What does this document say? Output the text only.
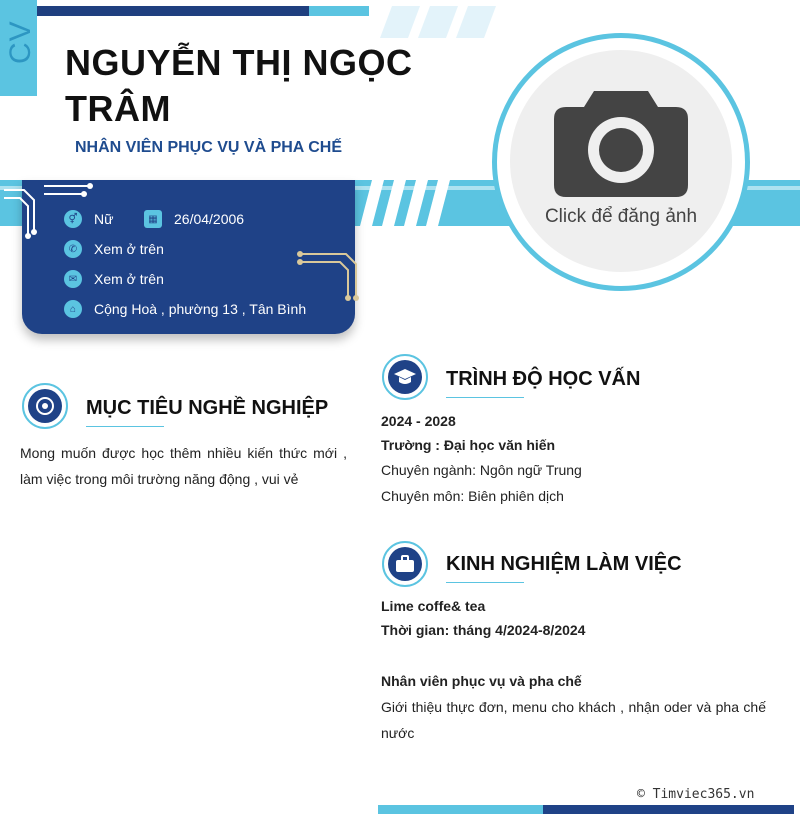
CV NGUYỄN THỊ NGỌC TRÂM
NHÂN VIÊN PHỤC VỤ VÀ PHA CHẾ
Click để đăng ảnh
⚥	Nữ	▦	26/04/2006
✆	Xem ở trên
✉	Xem ở trên
⌂	Cộng Hoà , phường 13 , Tân Bình
MỤC TIÊU NGHỀ NGHIỆP
Mong muốn được học thêm nhiều kiến thức mới , làm việc trong môi trường năng động , vui vẻ
TRÌNH ĐỘ HỌC VẤN
2024 - 2028
Trường : Đại học văn hiến
Chuyên ngành: Ngôn ngữ Trung
Chuyên môn: Biên phiên dịch
KINH NGHIỆM LÀM VIỆC
Lime coffe& tea
Thời gian: tháng 4/2024-8/2024
Nhân viên phục vụ và pha chế
Giới thiệu thực đơn, menu cho khách , nhận oder và pha chế nước
© Timviec365.vn
